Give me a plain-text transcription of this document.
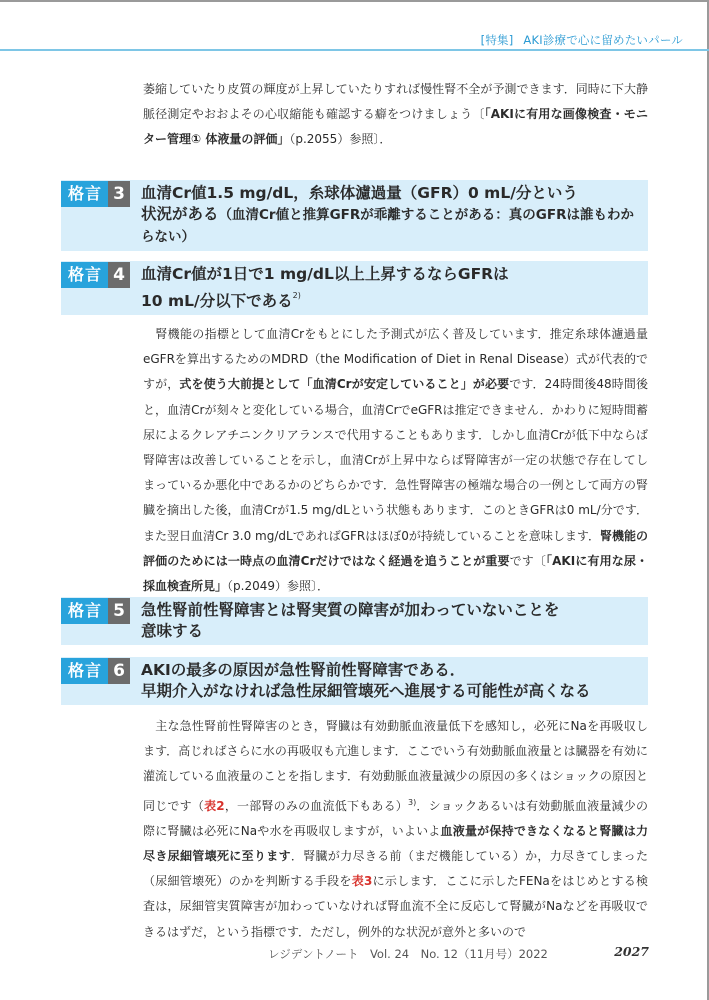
[特集] AKI診療で心に留めたいパール

萎縮していたり皮質の輝度が上昇していたりすれば慢性腎不全が予測できます．同時に下大静脈径測定やおおよその心収縮能も確認する癖をつけましょう〔「AKIに有用な画像検査・モニター管理① 体液量の評価」（p.2055）参照〕．

格言 3	血清Cr値1.5 mg/dL，糸球体濾過量（GFR）0 mL/分という
状況がある（血清Cr値と推算GFRが乖離することがある：真のGFRは誰もわからない）
格言 4	血清Cr値が1日で1 mg/dL以上上昇するならGFRは
10 mL/分以下である$^{2)}$

腎機能の指標として血清Crをもとにした予測式が広く普及しています．推定糸球体濾過量eGFRを算出するためのMDRD（the Modification of Diet in Renal Disease）式が代表的ですが，式を使う大前提として「血清Crが安定していること」が必要です．24時間後48時間後と，血清Crが刻々と変化している場合，血清CrでeGFRは推定できません．かわりに短時間蓄尿によるクレアチニンクリアランスで代用することもあります．しかし血清Crが低下中ならば腎障害は改善していることを示し，血清Crが上昇中ならば腎障害が一定の状態で存在してしまっているか悪化中であるかのどちらかです．急性腎障害の極端な場合の一例として両方の腎臓を摘出した後，血清Crが1.5 mg/dLという状態もあります．このときGFRは0 mL/分です．また翌日血清Cr 3.0 mg/dLであればGFRはほぼ0が持続していることを意味します．腎機能の評価のためには一時点の血清Crだけではなく経過を追うことが重要です〔「AKIに有用な尿・採血検査所見」（p.2049）参照〕．

格言 5	急性腎前性腎障害とは腎実質の障害が加わっていないことを
意味する
格言 6	AKIの最多の原因が急性腎前性腎障害である．
早期介入がなければ急性尿細管壊死へ進展する可能性が高くなる

主な急性腎前性腎障害のとき，腎臓は有効動脈血液量低下を感知し，必死にNaを再吸収します．高じればさらに水の再吸収も亢進します．ここでいう有効動脈血液量とは臓器を有効に灌流している血液量のことを指します．有効動脈血液量減少の原因の多くはショックの原因と同じです（表2，一部腎のみの血流低下もある）$^{3)}$．ショックあるいは有効動脈血液量減少の際に腎臓は必死にNaや水を再吸収しますが，いよいよ血液量が保持できなくなると腎臓は力尽き尿細管壊死に至ります．腎臓が力尽きる前（まだ機能している）か，力尽きてしまった（尿細管壊死）のかを判断する手段を表3に示します．ここに示したFENaをはじめとする検査は，尿細管実質障害が加わっていなければ腎血流不全に反応して腎臓がNaなどを再吸収できるはずだ，という指標です．ただし，例外的な状況が意外と多いので

レジデントノート　Vol. 24　No. 12（11月号）2022	2027
